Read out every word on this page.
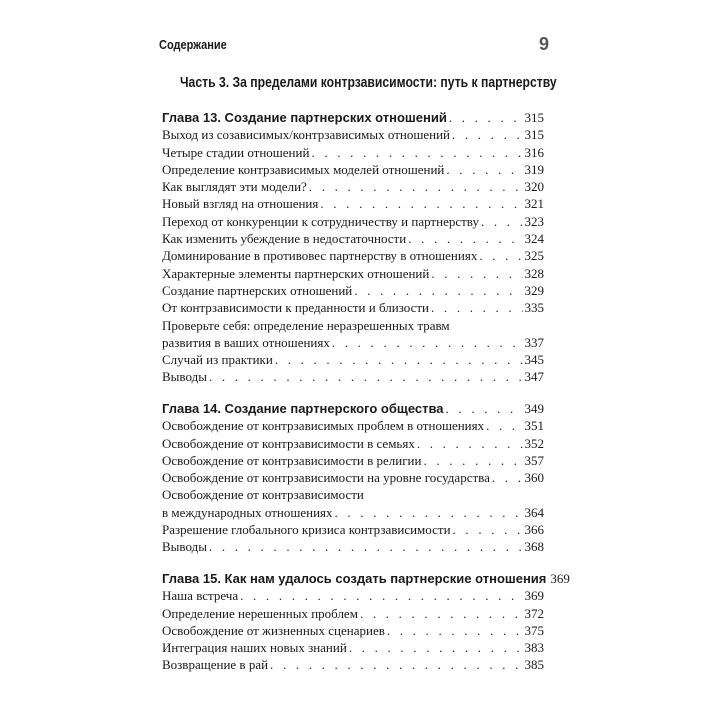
Содержание	9
Часть 3. За пределами контрзависимости: путь к партнерству
Глава 13. Создание партнерских отношений . . .	315
Выход из созависимых/контрзависимых отношений . . .	315
Четыре стадии отношений . . .	316
Определение контрзависимых моделей отношений . . .	319
Как выглядят эти модели? . . .	320
Новый взгляд на отношения . . .	321
Переход от конкуренции к сотрудничеству и партнерству . . .	323
Как изменить убеждение в недостаточности . . .	324
Доминирование в противовес партнерству в отношениях . . .	325
Характерные элементы партнерских отношений . . .	328
Создание партнерских отношений . . .	329
От контрзависимости к преданности и близости . . .	335
Проверьте себя: определение неразрешенных травм
развития в ваших отношениях . . .	337
Случай из практики . . .	345
Выводы . . .	347
Глава 14. Создание партнерского общества . . .	349
Освобождение от контрзависимых проблем в отношениях . . .	351
Освобождение от контрзависимости в семьях . . .	352
Освобождение от контрзависимости в религии . . .	357
Освобождение от контрзависимости на уровне государства . . .	360
Освобождение от контрзависимости
в международных отношениях . . .	364
Разрешение глобального кризиса контрзависимости . . .	366
Выводы . . .	368
Глава 15. Как нам удалось создать партнерские отношения 369
Наша встреча . . .	369
Определение нерешенных проблем . . .	372
Освобождение от жизненных сценариев . . .	375
Интеграция наших новых знаний . . .	383
Возвращение в рай . . .	385
